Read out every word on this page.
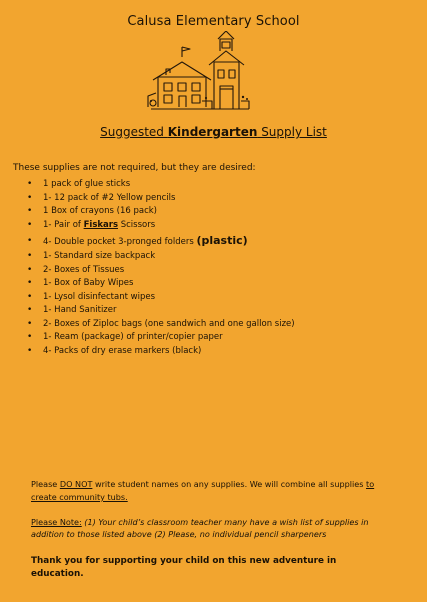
Calusa Elementary School
Suggested Kindergarten Supply List
These supplies are not required, but they are desired:
• 1 pack of glue sticks
• 1- 12 pack of #2 Yellow pencils
• 1 Box of crayons (16 pack)
• 1- Pair of Fiskars Scissors
• 4- Double pocket 3-pronged folders (plastic)
• 1- Standard size backpack
• 2- Boxes of Tissues
• 1- Box of Baby Wipes
• 1- Lysol disinfectant wipes
• 1- Hand Sanitizer
• 2- Boxes of Ziploc bags (one sandwich and one gallon size)
• 1- Ream (package) of printer/copier paper
• 4- Packs of dry erase markers (black)
Please DO NOT write student names on any supplies. We will combine all supplies to create community tubs.
Please Note: (1) Your child’s classroom teacher many have a wish list of supplies in addition to those listed above (2) Please, no individual pencil sharpeners
Thank you for supporting your child on this new adventure in education.
